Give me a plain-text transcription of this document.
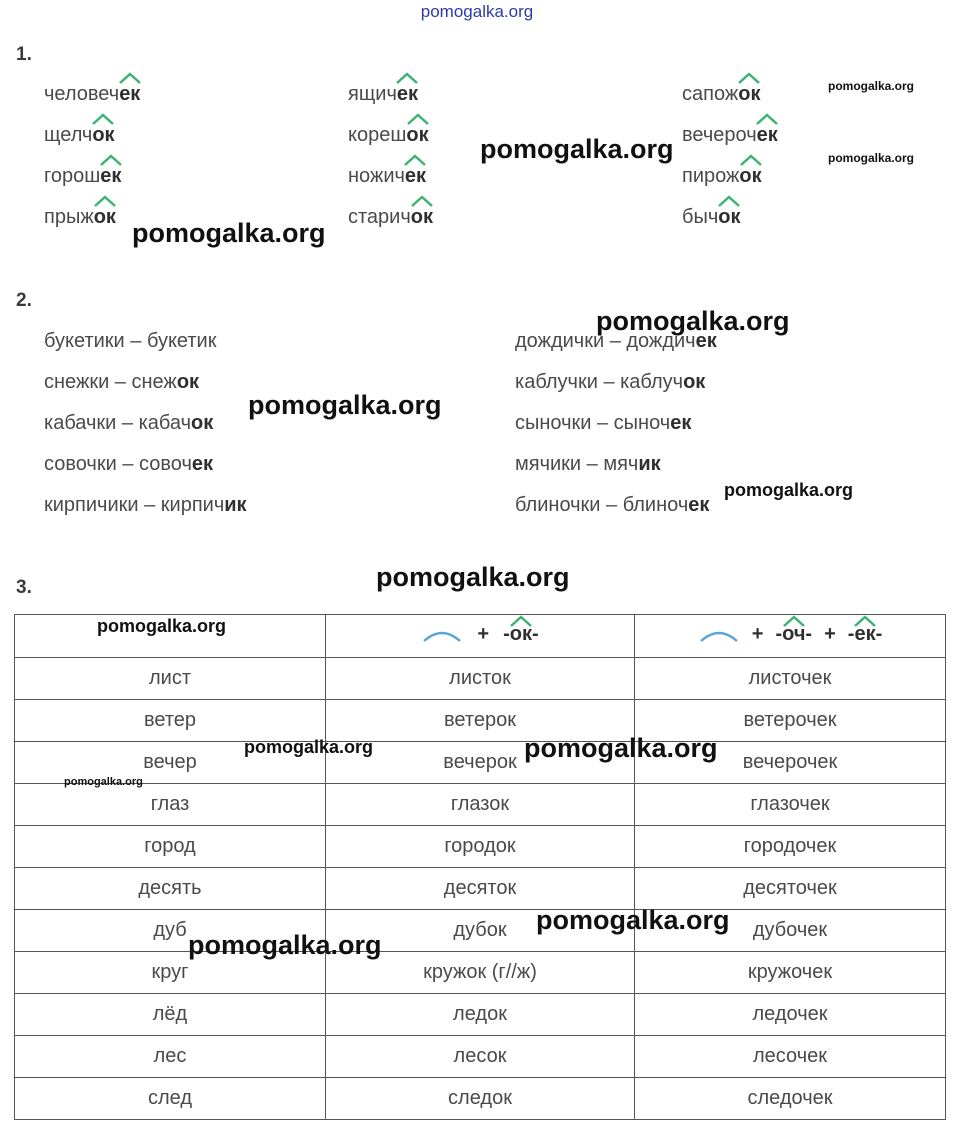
pomogalka.org
1.
человеч
ек
щелч
ок
горош
ек
прыж
ок
ящич
ек
кореш
ок
ножич
ек
старич
ок
сапож
ок
вечероч
ек
пирож
ок
быч
ок
2.
букетики – букетик
снежки – снежок
кабачки – кабачок
совочки – совочек
кирпичики – кирпичик
дождички – дождичек
каблучки – каблучок
сыночки – сыночек
мячики – мячик
блиночки – блиночек
3.

	+ -ок-	+ -оч- + -ек-

лист	листок	листочек
ветер	ветерок	ветерочек
вечер	вечерок	вечерочек
глаз	глазок	глазочек
город	городок	городочек
десять	десяток	десяточек
дуб	дубок	дубочек
круг	кружок (г//ж)	кружочек
лёд	ледок	ледочек
лес	лесок	лесочек
след	следок	следочек
pomogalka.org
pomogalka.org	pomogalka.org
pomogalka.org
pomogalka.org
pomogalka.org
pomogalka.org
pomogalka.org
pomogalka.org
pomogalka.org	pomogalka.org
pomogalka.org
pomogalka.org
pomogalka.org
